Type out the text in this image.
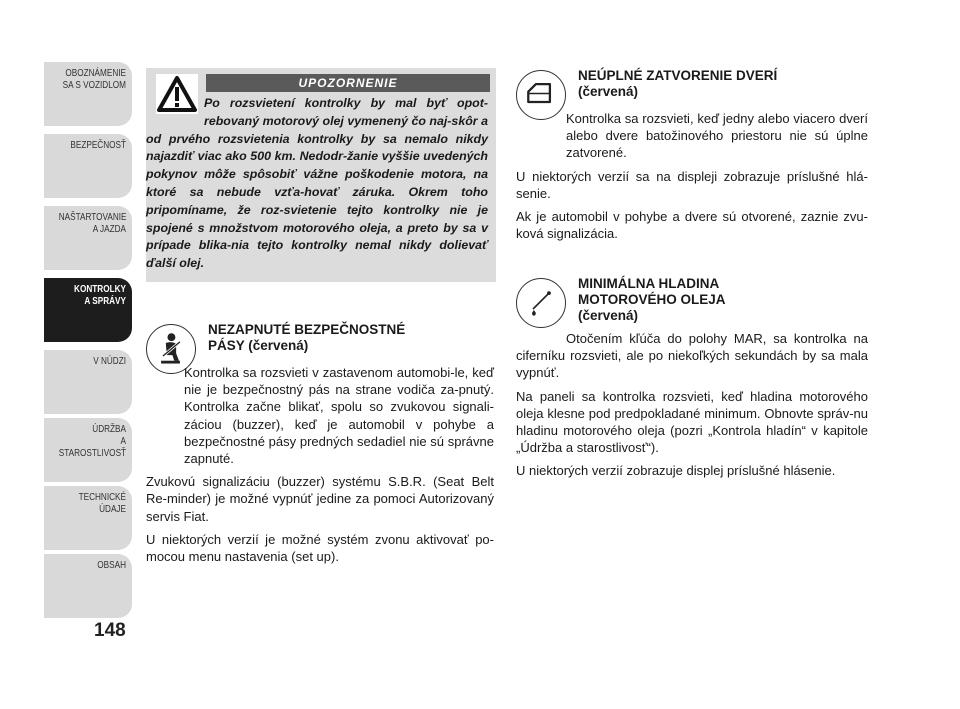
OBOZNÁMENIE
SA S VOZIDLOM
BEZPEČNOSŤ
NAŠTARTOVANIE
A JAZDA
KONTROLKY
A SPRÁVY
V NÚDZI
ÚDRŽBA
A STAROSTLIVOSŤ
TECHNICKÉ
ÚDAJE
OBSAH
148
UPOZORNENIE
Po rozsvietení kontrolky by mal byť opot-rebovaný motorový olej vymenený čo naj-skôr a od prvého rozsvietenia kontrolky by sa nemalo nikdy najazdiť viac ako 500 km. Nedodr-žanie vyššie uvedených pokynov môže spôsobiť vážne poškodenie motora, na ktoré sa nebude vzťa-hovať záruka. Okrem toho pripomíname, že roz-svietenie tejto kontrolky nie je spojené s množstvom motorového oleja, a preto by sa v prípade blika-nia tejto kontrolky nemal nikdy dolievať ďalší olej.
NEZAPNUTÉ BEZPEČNOSTNÉ
PÁSY (červená)

Kontrolka sa rozsvieti v zastavenom automobi-le, keď nie je bezpečnostný pás na strane vodiča za-pnutý. Kontrolka začne blikať, spolu so zvukovou signali-záciou (buzzer), keď je automobil v pohybe a bezpečnostné pásy predných sedadiel nie sú správne zapnuté.

Zvukovú signalizáciu (buzzer) systému S.B.R. (Seat Belt Re-minder) je možné vypnúť jedine za pomoci Autorizovaný servis Fiat.

U niektorých verzií je možné systém zvonu aktivovať po-mocou menu nastavenia (set up).

NEÚPLNÉ ZATVORENIE DVERÍ
(červená)

Kontrolka sa rozsvieti, keď jedny alebo viacero dverí alebo dvere batožinového priestoru nie sú úplne zatvorené.

U niektorých verzií sa na displeji zobrazuje príslušné hlá-senie.

Ak je automobil v pohybe a dvere sú otvorené, zaznie zvu-ková signalizácia.

MINIMÁLNA HLADINA
MOTOROVÉHO OLEJA
(červená)

Otočením kľúča do polohy MAR, sa kontrolka na ciferníku rozsvieti, ale po niekoľkých sekundách by sa mala vypnúť.

Na paneli sa kontrolka rozsvieti, keď hladina motorového oleja klesne pod predpokladané minimum. Obnovte správ-nu hladinu motorového oleja (pozri „Kontrola hladín“ v kapitole „Údržba a starostlivosť“).

U niektorých verzií zobrazuje displej príslušné hlásenie.
